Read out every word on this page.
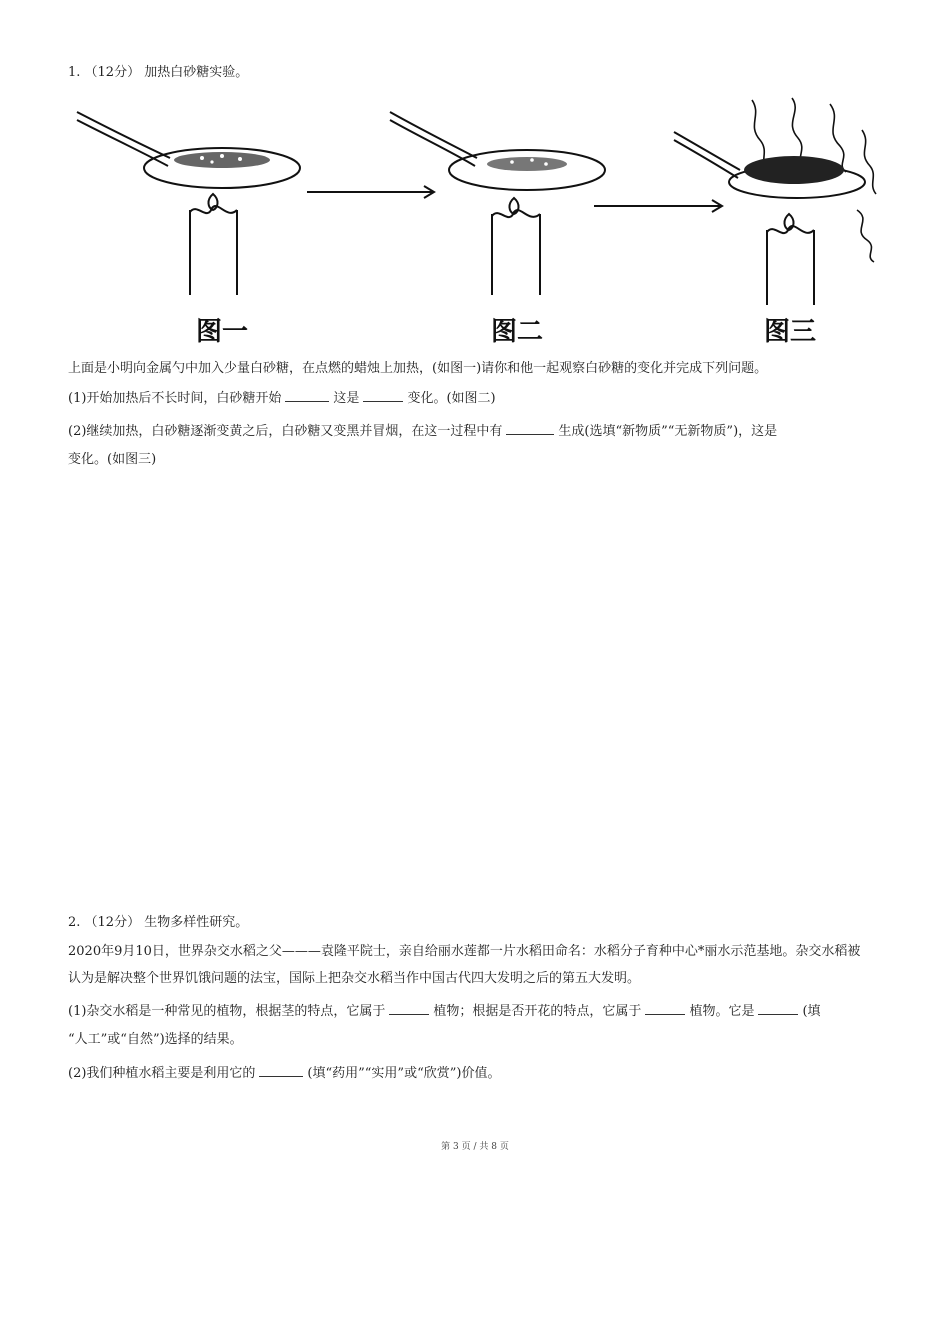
1. （12分） 加热白砂糖实验。
图一	图二	图三
上面是小明向金属勺中加入少量白砂糖，在点燃的蜡烛上加热，(如图一)请你和他一起观察白砂糖的变化并完成下列问题。
(1)开始加热后不长时间，白砂糖开始	这是	变化。(如图二)
(2)继续加热，白砂糖逐渐变黄之后，白砂糖又变黑并冒烟，在这一过程中有	生成(选填“新物质”“无新物质”)，这是
变化。(如图三)
2. （12分） 生物多样性研究。
2020年9月10日，世界杂交水稻之父———袁隆平院士，亲自给丽水莲都一片水稻田命名：水稻分子育种中心*丽水示范基地。杂交水稻被
认为是解决整个世界饥饿问题的法宝，国际上把杂交水稻当作中国古代四大发明之后的第五大发明。
(1)杂交水稻是一种常见的植物，根据茎的特点，它属于	植物；根据是否开花的特点，它属于	植物。它是	(填
“人工”或“自然”)选择的结果。
(2)我们种植水稻主要是利用它的	(填“药用”“实用”或“欣赏”)价值。
第 3 页 / 共 8 页
